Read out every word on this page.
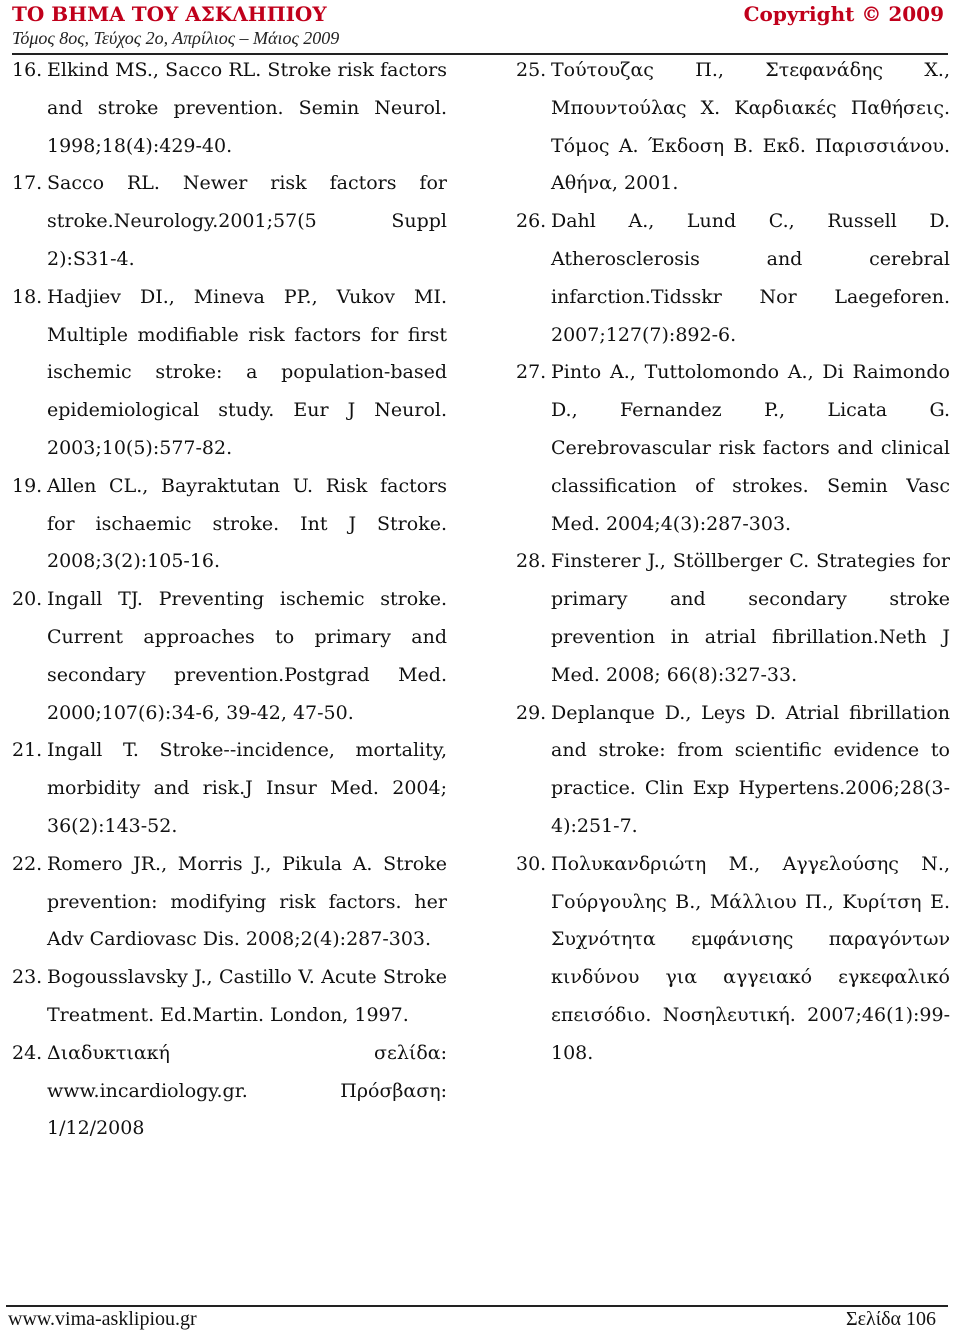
ΤΟ ΒΗΜΑ ΤΟΥ ΑΣΚΛΗΠΙΟΥ
Τόμος 8ος, Τεύχος 2ο, Απρίλιος – Μάιος 2009
Copyright © 2009
16. Elkind MS., Sacco RL. Stroke risk factors and stroke prevention. Semin Neurol. 1998;18(4):429-40.
17. Sacco RL. Newer risk factors for stroke.Neurology.2001;57(5 Suppl 2):S31-4.
18. Hadjiev DI., Mineva PP., Vukov MI. Multiple modifiable risk factors for first ischemic stroke: a population-based epidemiological study. Eur J Neurol. 2003;10(5):577-82.
19. Allen CL., Bayraktutan U. Risk factors for ischaemic stroke. Int J Stroke. 2008;3(2):105-16.
20. Ingall TJ. Preventing ischemic stroke. Current approaches to primary and secondary prevention.Postgrad Med. 2000;107(6):34-6, 39-42, 47-50.
21. Ingall T. Stroke--incidence, mortality, morbidity and risk.J Insur Med. 2004; 36(2):143-52.
22. Romero JR., Morris J., Pikula A. Stroke prevention: modifying risk factors. her Adv Cardiovasc Dis. 2008;2(4):287-303.
23. Bogousslavsky J., Castillo V. Acute Stroke Treatment. Ed.Martin. London, 1997.
24. Διαδυκτιακή σελίδα: www.incardiology.gr. Πρόσβαση: 1/12/2008
25. Τούτουζας Π., Στεφανάδης Χ., Μπουντούλας Χ. Καρδιακές Παθήσεις. Τόμος Α. Έκδοση Β. Εκδ. Παρισσιάνου. Αθήνα, 2001.
26. Dahl A., Lund C., Russell D. Atherosclerosis and cerebral infarction.Tidsskr Nor Laegeforen. 2007;127(7):892-6.
27. Pinto A., Tuttolomondo A., Di Raimondo D., Fernandez P., Licata G. Cerebrovascular risk factors and clinical classification of strokes. Semin Vasc Med. 2004;4(3):287-303.
28. Finsterer J., Stöllberger C. Strategies for primary and secondary stroke prevention in atrial fibrillation.Neth J Med. 2008; 66(8):327-33.
29. Deplanque D., Leys D. Atrial fibrillation and stroke: from scientific evidence to practice. Clin Exp Hypertens.2006;28(3-4):251-7.
30. Πολυκανδριώτη Μ., Αγγελούσης Ν., Γούργουλης Β., Μάλλιου Π., Κυρίτση Ε. Συχνότητα εμφάνισης παραγόντων κινδύνου για αγγειακό εγκεφαλικό επεισόδιο. Νοσηλευτική. 2007;46(1):99-108.
www.vima-asklipiou.gr	Σελίδα 106
